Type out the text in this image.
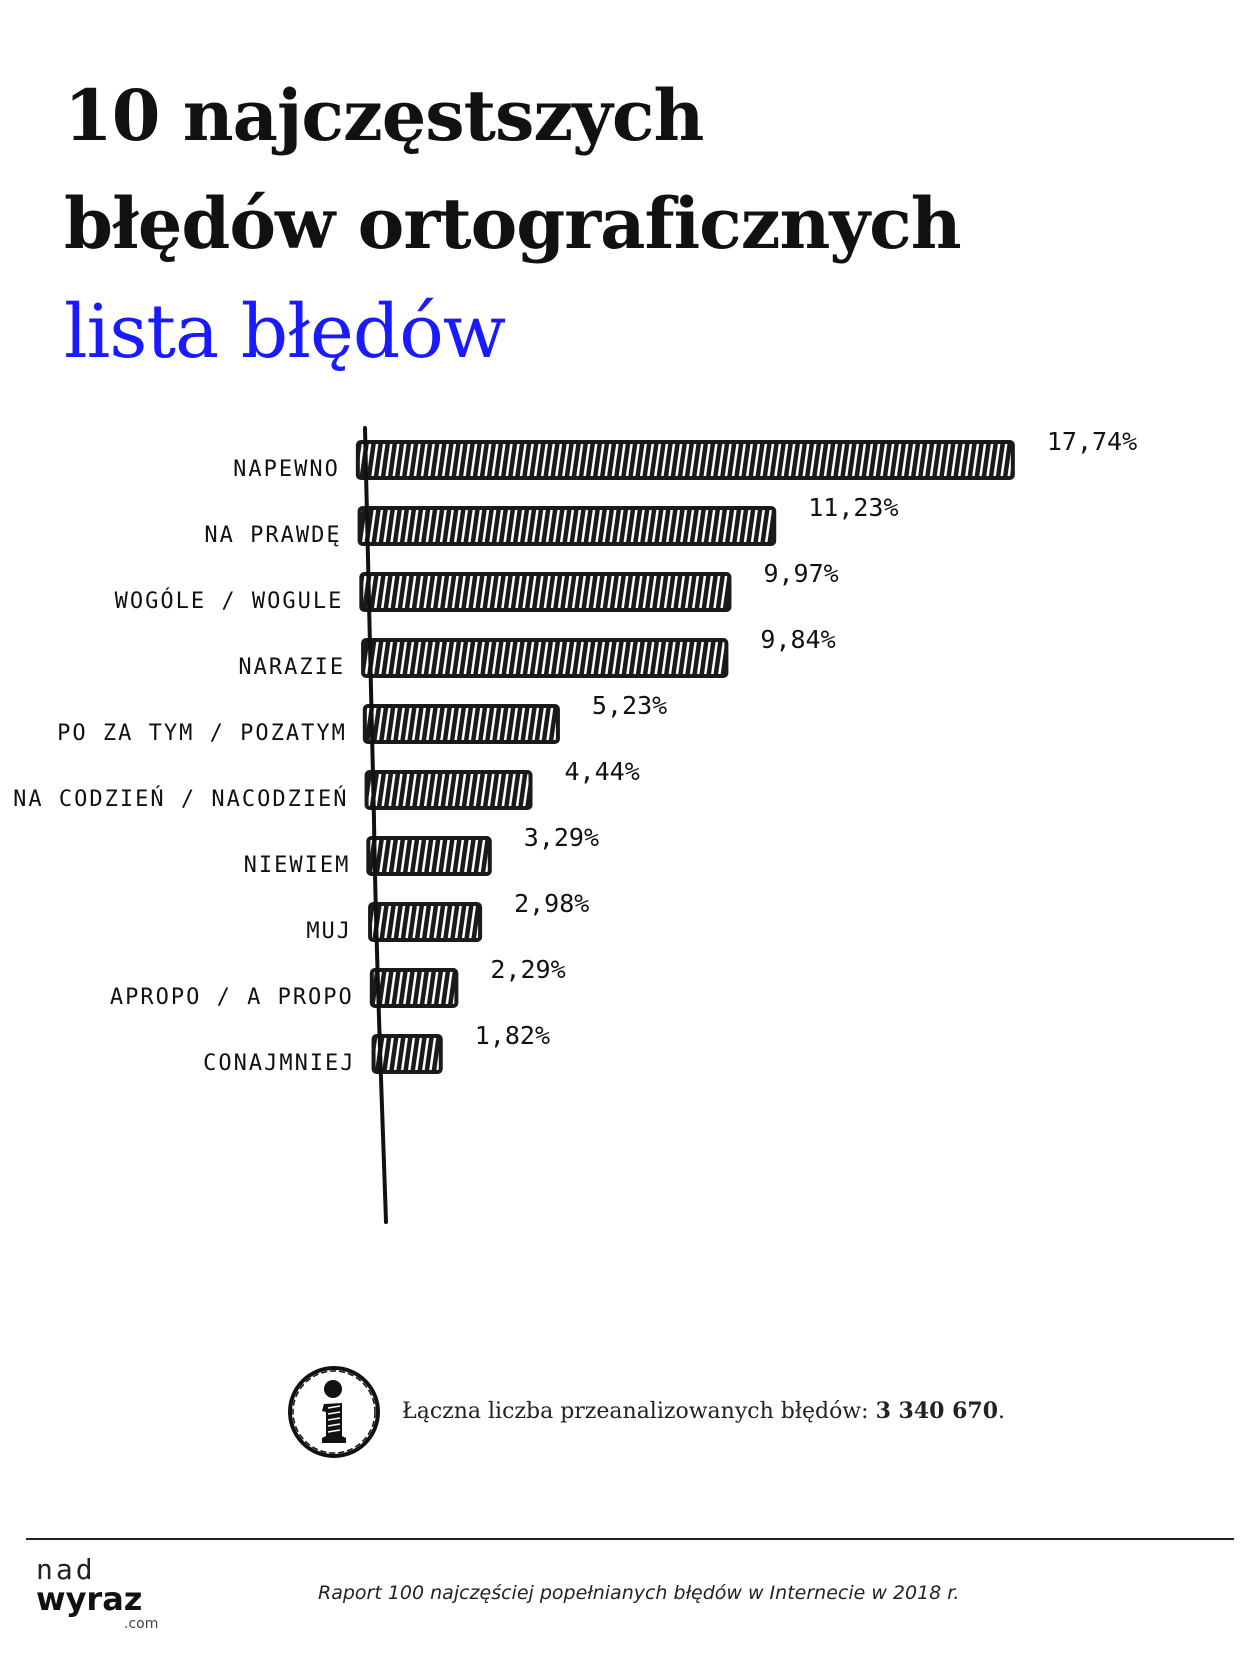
10 najczęstszych

błędów ortograficznych

lista błędów

NAPEWNO
17,74%
NA PRAWDĘ
11,23%
WOGÓLE / WOGULE
9,97%
NARAZIE
9,84%
PO ZA TYM / POZATYM
5,23%
NA CODZIEŃ / NACODZIEŃ
4,44%
NIEWIEM
3,29%
MUJ
2,98%
APROPO / A PROPO
2,29%
CONAJMNIEJ
1,82%
Łączna liczba przeanalizowanych błędów: 3 340 670.
nad
wyraz
.com
Raport 100 najczęściej popełnianych błędów w Internecie w 2018 r.
